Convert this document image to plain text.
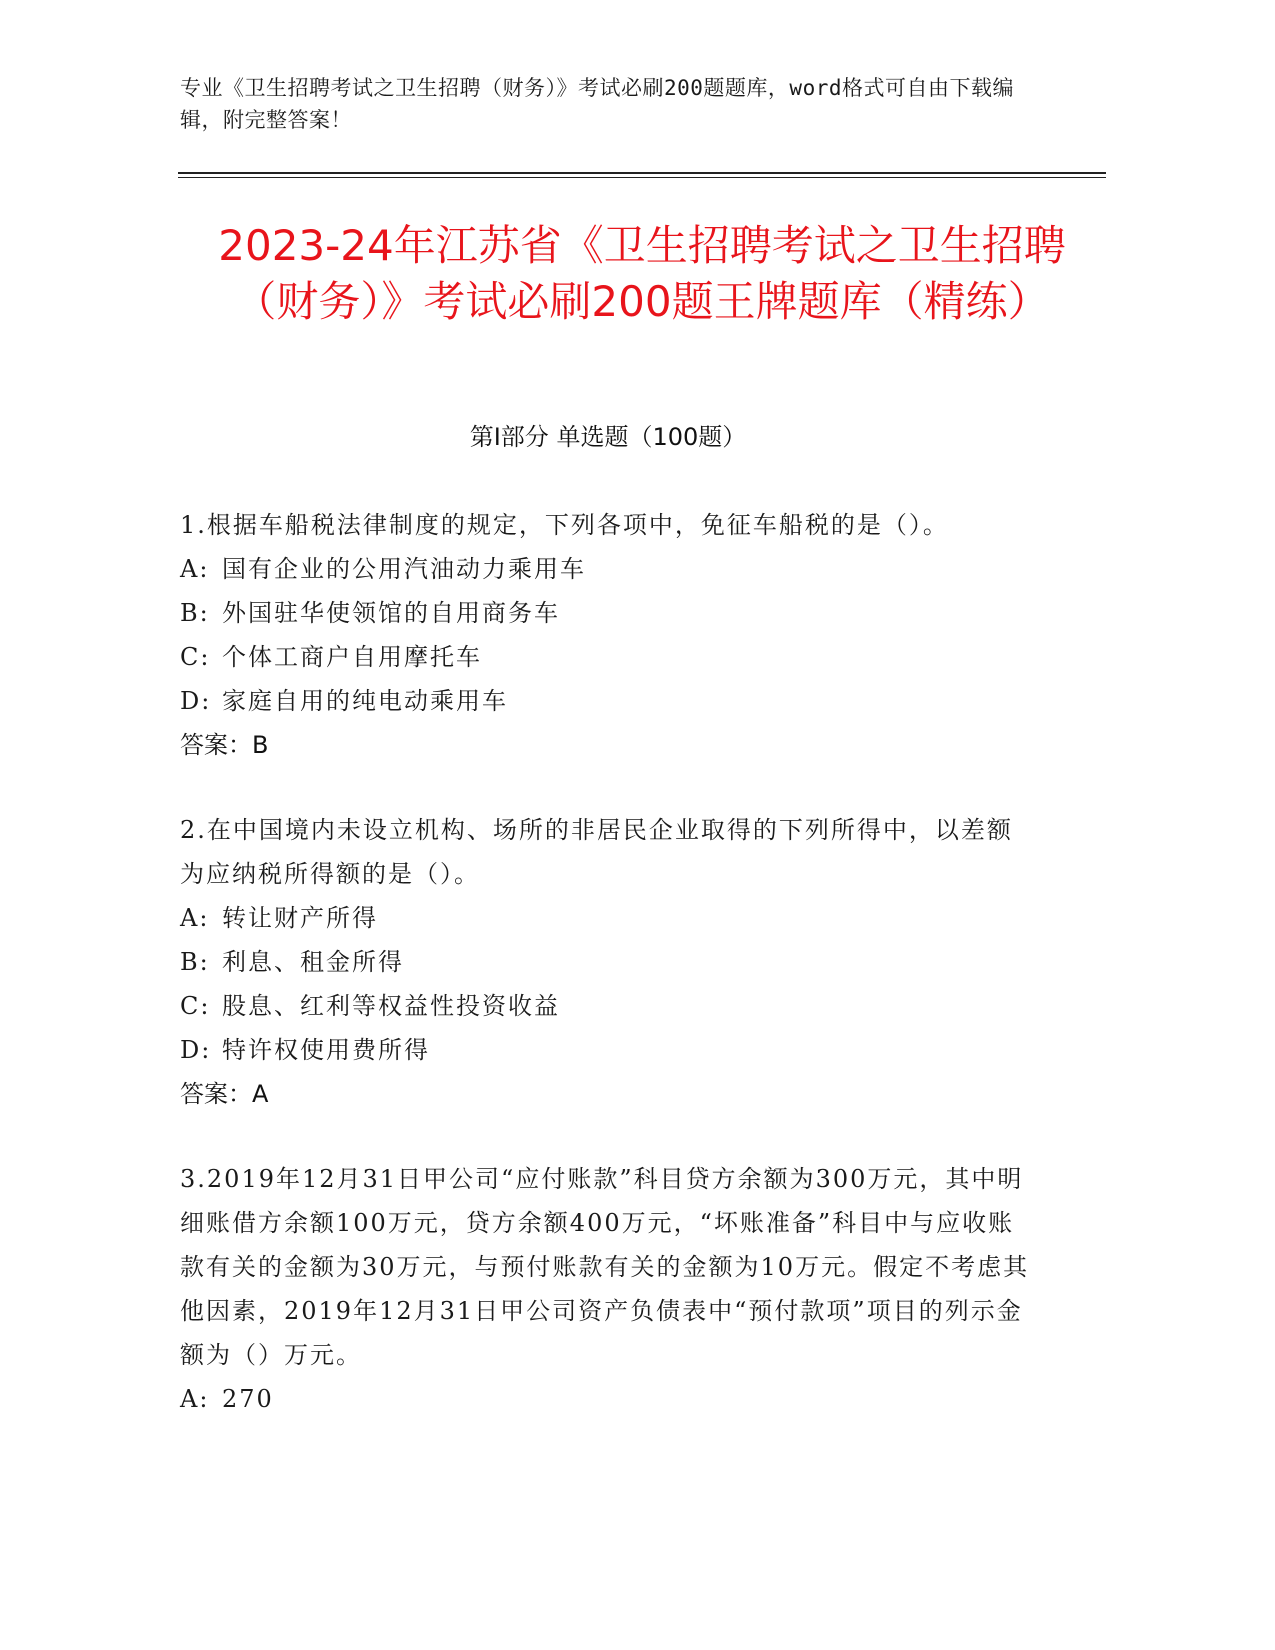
专业《卫生招聘考试之卫生招聘（财务）》考试必刷200题题库，word格式可自由下载编辑，附完整答案！
2023-24年江苏省《卫生招聘考试之卫生招聘（财务）》考试必刷200题王牌题库（精练）
第Ⅰ部分 单选题（100题）
1.根据车船税法律制度的规定，下列各项中，免征车船税的是（）。
A: 国有企业的公用汽油动力乘用车
B: 外国驻华使领馆的自用商务车
C: 个体工商户自用摩托车
D: 家庭自用的纯电动乘用车
答案：B
2.在中国境内未设立机构、场所的非居民企业取得的下列所得中，以差额为应纳税所得额的是（）。
A: 转让财产所得
B: 利息、租金所得
C: 股息、红利等权益性投资收益
D: 特许权使用费所得
答案：A
3.2019年12月31日甲公司“应付账款”科目贷方余额为300万元，其中明细账借方余额100万元，贷方余额400万元，“坏账准备”科目中与应收账款有关的金额为30万元，与预付账款有关的金额为10万元。假定不考虑其他因素，2019年12月31日甲公司资产负债表中“预付款项”项目的列示金额为（）万元。
A: 270
